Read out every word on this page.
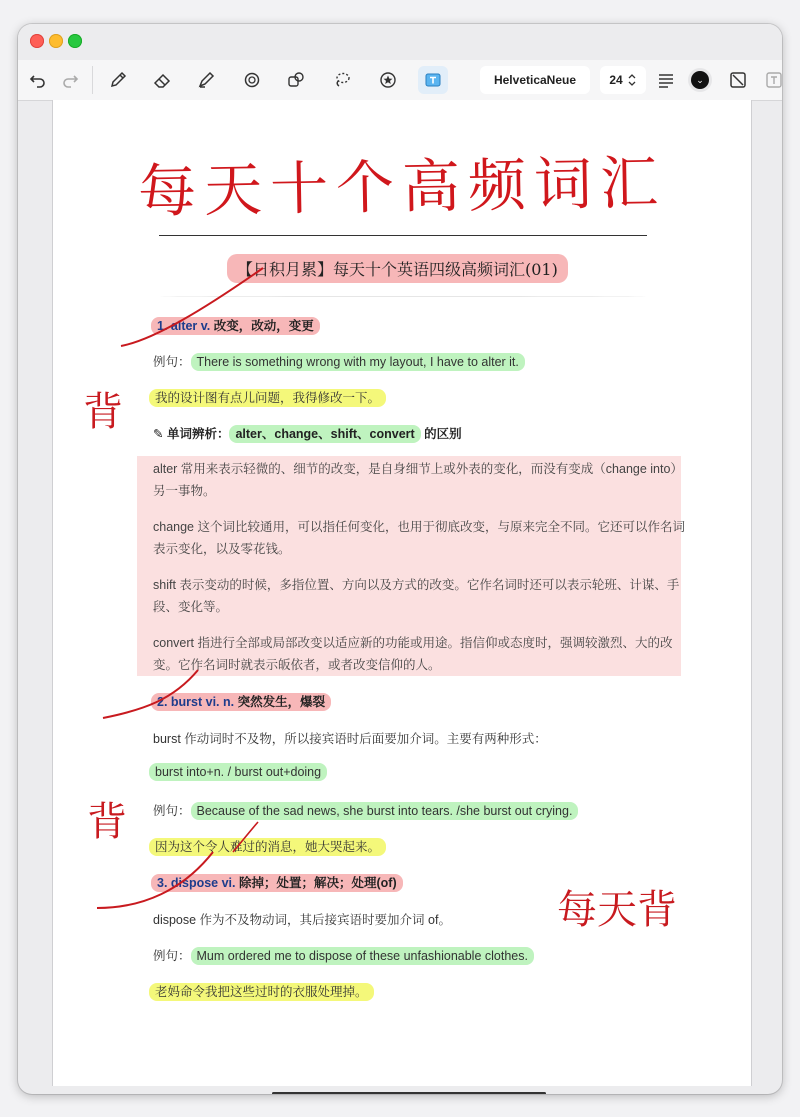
HelveticaNeue	24	⌄
每天十个高频词汇
【日积月累】每天十个英语四级高频词汇(01)
1. alter v. 改变，改动，变更
例句： There is something wrong with my layout, I have to alter it.
我的设计图有点儿问题，我得修改一下。
✎ 单词辨析： alter、change、shift、convert 的区别
alter 常用来表示轻微的、细节的改变，是自身细节上或外表的变化，而没有变成（change into）另一事物。
change 这个词比较通用，可以指任何变化，也用于彻底改变，与原来完全不同。它还可以作名词表示变化，以及零花钱。
shift 表示变动的时候，多指位置、方向以及方式的改变。它作名词时还可以表示轮班、计谋、手段、变化等。
convert 指进行全部或局部改变以适应新的功能或用途。指信仰或态度时，强调较激烈、大的改变。它作名词时就表示皈依者，或者改变信仰的人。
2. burst vi. n. 突然发生，爆裂
burst 作动词时不及物，所以接宾语时后面要加介词。主要有两种形式：
burst into+n. / burst out+doing
例句： Because of the sad news, she burst into tears. /she burst out crying.
因为这个令人难过的消息，她大哭起来。
3. dispose vi. 除掉；处置；解决；处理(of)
dispose 作为不及物动词，其后接宾语时要加介词 of。
例句： Mum ordered me to dispose of these unfashionable clothes.
老妈命令我把这些过时的衣服处理掉。
背
背
每天背
